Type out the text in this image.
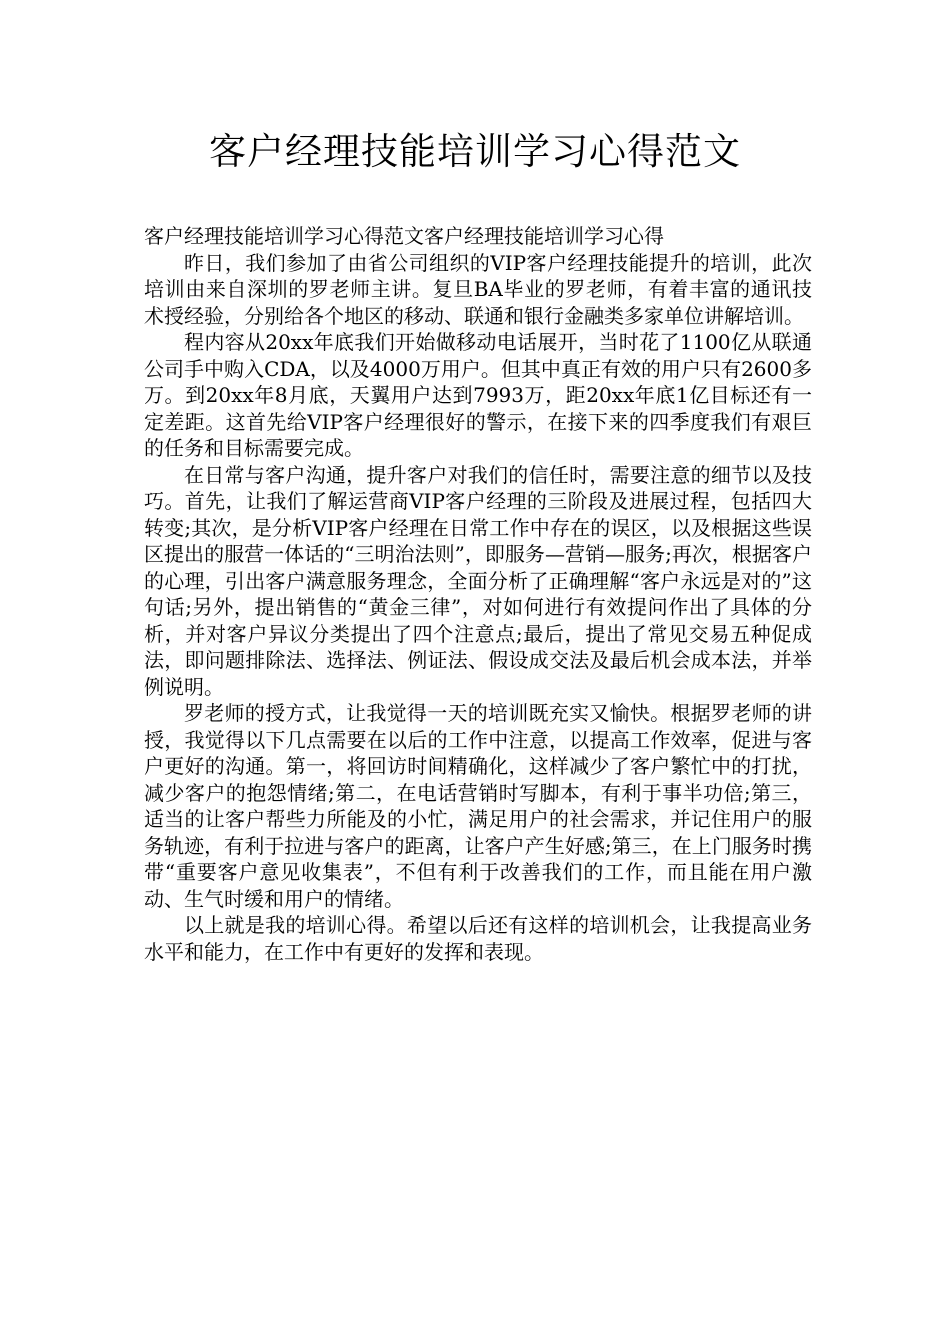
客户经理技能培训学习心得范文

客户经理技能培训学习心得范文客户经理技能培训学习心得

昨日，我们参加了由省公司组织的VIP客户经理技能提升的培训，此次培训由来自深圳的罗老师主讲。复旦BA毕业的罗老师，有着丰富的通讯技术授经验，分别给各个地区的移动、联通和银行金融类多家单位讲解培训。

程内容从20xx年底我们开始做移动电话展开，当时花了1100亿从联通公司手中购入CDA，以及4000万用户。但其中真正有效的用户只有2600多万。到20xx年8月底，天翼用户达到7993万，距20xx年底1亿目标还有一定差距。这首先给VIP客户经理很好的警示，在接下来的四季度我们有艰巨的任务和目标需要完成。

在日常与客户沟通，提升客户对我们的信任时，需要注意的细节以及技巧。首先，让我们了解运营商VIP客户经理的三阶段及进展过程，包括四大转变;其次，是分析VIP客户经理在日常工作中存在的误区，以及根据这些误区提出的服营一体话的“三明治法则”，即服务—营销—服务;再次，根据客户的心理，引出客户满意服务理念，全面分析了正确理解“客户永远是对的”这句话;另外，提出销售的“黄金三律”，对如何进行有效提问作出了具体的分析，并对客户异议分类提出了四个注意点;最后，提出了常见交易五种促成法，即问题排除法、选择法、例证法、假设成交法及最后机会成本法，并举例说明。

罗老师的授方式，让我觉得一天的培训既充实又愉快。根据罗老师的讲授，我觉得以下几点需要在以后的工作中注意，以提高工作效率，促进与客户更好的沟通。第一，将回访时间精确化，这样减少了客户繁忙中的打扰，减少客户的抱怨情绪;第二，在电话营销时写脚本，有利于事半功倍;第三，适当的让客户帮些力所能及的小忙，满足用户的社会需求，并记住用户的服务轨迹，有利于拉进与客户的距离，让客户产生好感;第三，在上门服务时携带“重要客户意见收集表”，不但有利于改善我们的工作，而且能在用户激动、生气时缓和用户的情绪。

以上就是我的培训心得。希望以后还有这样的培训机会，让我提高业务水平和能力，在工作中有更好的发挥和表现。
